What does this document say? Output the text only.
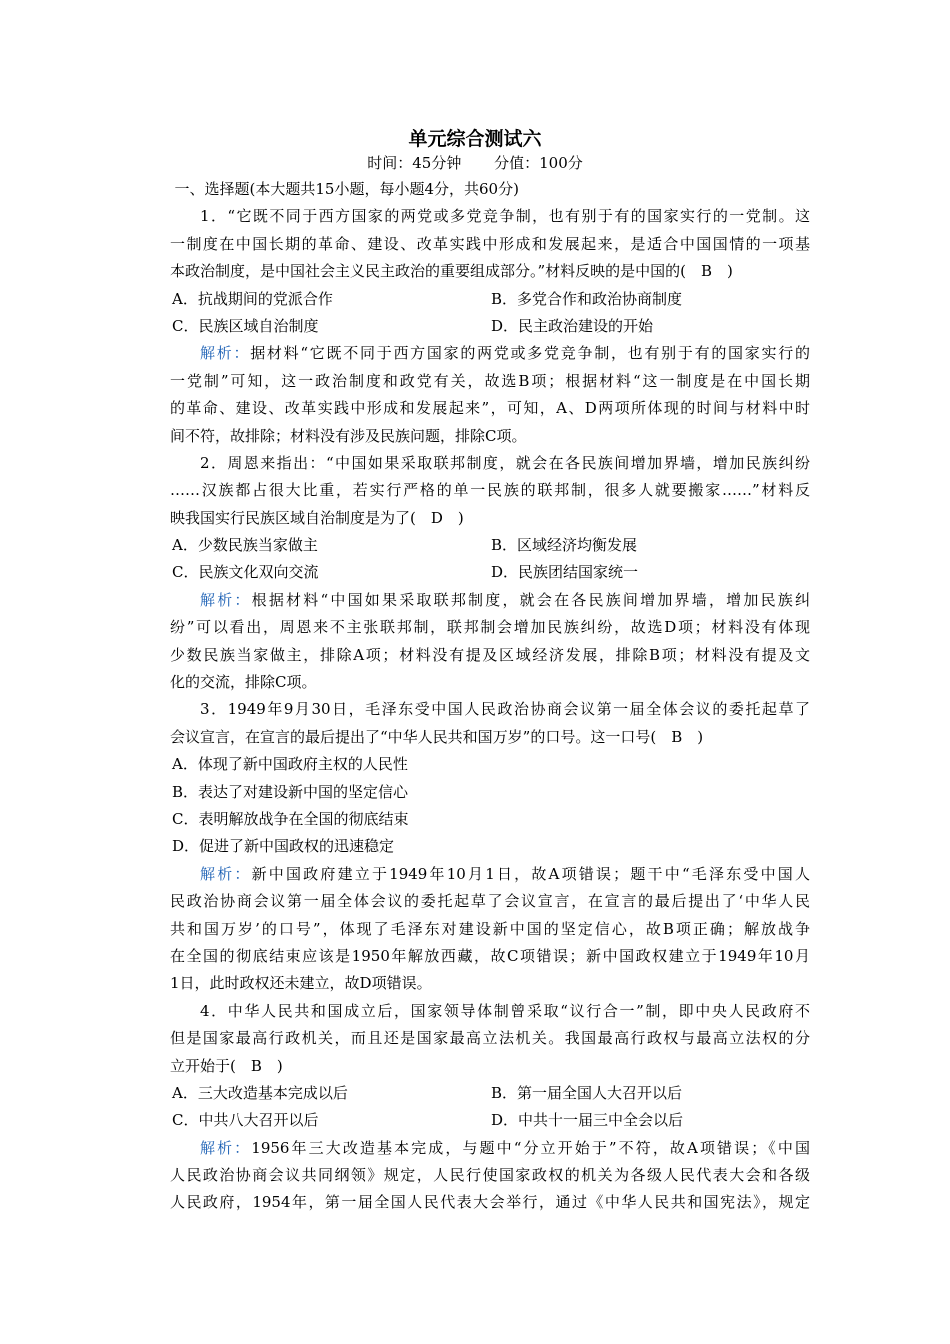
单元综合测试六
时间：45分钟 分值：100分
一、选择题(本大题共15小题，每小题4分，共60分)
1．“它既不同于西方国家的两党或多党竞争制，也有别于有的国家实行的一党制。这
一制度在中国长期的革命、建设、改革实践中形成和发展起来，是适合中国国情的一项基
本政治制度，是中国社会主义民主政治的重要组成部分。”材料反映的是中国的(　B　)
A．抗战期间的党派合作	B．多党合作和政治协商制度
C．民族区域自治制度	D．民主政治建设的开始
解析：据材料“它既不同于西方国家的两党或多党竞争制，也有别于有的国家实行的
一党制”可知，这一政治制度和政党有关，故选B项；根据材料“这一制度是在中国长期
的革命、建设、改革实践中形成和发展起来”，可知，A、D两项所体现的时间与材料中时
间不符，故排除；材料没有涉及民族问题，排除C项。
2．周恩来指出：“中国如果采取联邦制度，就会在各民族间增加界墙，增加民族纠纷
……汉族都占很大比重，若实行严格的单一民族的联邦制，很多人就要搬家……”材料反
映我国实行民族区域自治制度是为了(　D　)
A．少数民族当家做主	B．区域经济均衡发展
C．民族文化双向交流	D．民族团结国家统一
解析：根据材料“中国如果采取联邦制度，就会在各民族间增加界墙，增加民族纠
纷”可以看出，周恩来不主张联邦制，联邦制会增加民族纠纷，故选D项；材料没有体现
少数民族当家做主，排除A项；材料没有提及区域经济发展，排除B项；材料没有提及文
化的交流，排除C项。
3．1949年9月30日，毛泽东受中国人民政治协商会议第一届全体会议的委托起草了
会议宣言，在宣言的最后提出了“中华人民共和国万岁”的口号。这一口号(　B　)
A．体现了新中国政府主权的人民性
B．表达了对建设新中国的坚定信心
C．表明解放战争在全国的彻底结束
D．促进了新中国政权的迅速稳定
解析：新中国政府建立于1949年10月1日，故A项错误；题干中“毛泽东受中国人
民政治协商会议第一届全体会议的委托起草了会议宣言，在宣言的最后提出了‘中华人民
共和国万岁’的口号”，体现了毛泽东对建设新中国的坚定信心，故B项正确；解放战争
在全国的彻底结束应该是1950年解放西藏，故C项错误；新中国政权建立于1949年10月
1日，此时政权还未建立，故D项错误。
4．中华人民共和国成立后，国家领导体制曾采取“议行合一”制，即中央人民政府不
但是国家最高行政机关，而且还是国家最高立法机关。我国最高行政权与最高立法权的分
立开始于(　B　)
A．三大改造基本完成以后	B．第一届全国人大召开以后
C．中共八大召开以后	D．中共十一届三中全会以后
解析：1956年三大改造基本完成，与题中“分立开始于”不符，故A项错误；《中国
人民政治协商会议共同纲领》规定，人民行使国家政权的机关为各级人民代表大会和各级
人民政府，1954年，第一届全国人民代表大会举行，通过《中华人民共和国宪法》，规定
